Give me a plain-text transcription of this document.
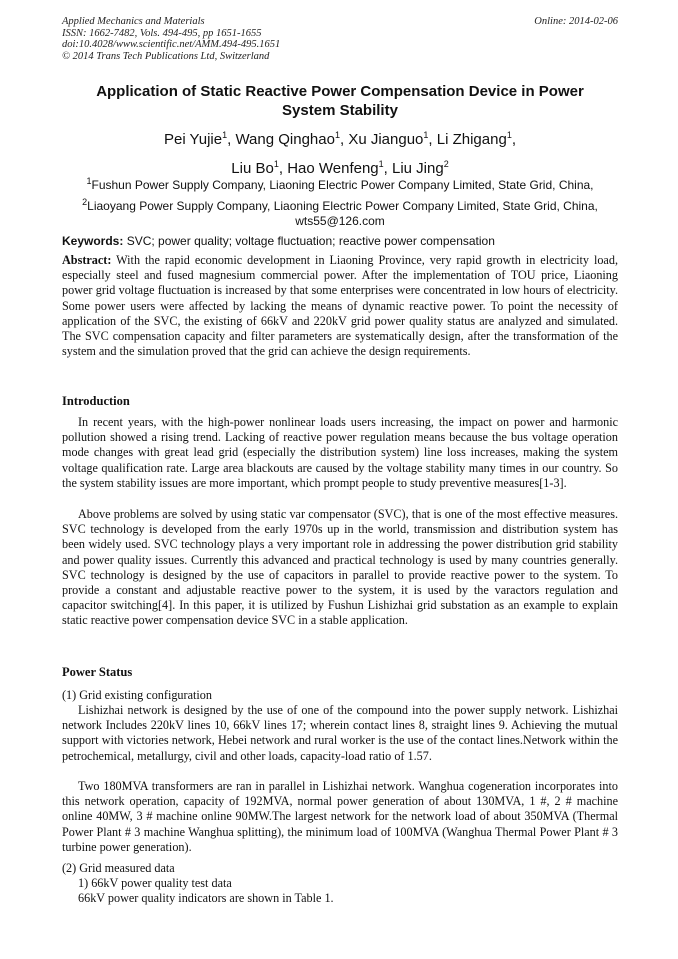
Applied Mechanics and Materials
ISSN: 1662-7482, Vols. 494-495, pp 1651-1655
doi:10.4028/www.scientific.net/AMM.494-495.1651
© 2014 Trans Tech Publications Ltd, Switzerland
Online: 2014-02-06
Application of Static Reactive Power Compensation Device in Power System Stability
Pei Yujie$^1$, Wang Qinghao$^1$, Xu Jianguo$^1$, Li Zhigang$^1$,
Liu Bo$^1$, Hao Wenfeng$^1$, Liu Jing$^2$
$^1$Fushun Power Supply Company, Liaoning Electric Power Company Limited, State Grid, China,
$^2$Liaoyang Power Supply Company, Liaoning Electric Power Company Limited, State Grid, China,
wts55@126.com
Keywords: SVC; power quality; voltage fluctuation; reactive power compensation
Abstract: With the rapid economic development in Liaoning Province, very rapid growth in electricity load, especially steel and fused magnesium commercial power. After the implementation of TOU price, Liaoning power grid voltage fluctuation is increased by that some enterprises were concentrated in low hours of electricity. Some power users were affected by lacking the means of dynamic reactive power. To point the necessity of application of the SVC, the existing of 66kV and 220kV grid power quality status are analyzed and simulated. The SVC compensation capacity and filter parameters are systematically design, after the transformation of the system and the simulation proved that the grid can achieve the design requirements.
Introduction
In recent years, with the high-power nonlinear loads users increasing, the impact on power and harmonic pollution showed a rising trend. Lacking of reactive power regulation means because the bus voltage operation mode changes with great lead grid (especially the distribution system) line loss increases, making the system voltage qualification rate. Large area blackouts are caused by the voltage stability many times in our country. So the system stability issues are more important, which prompt people to study preventive measures[1-3].
Above problems are solved by using static var compensator (SVC), that is one of the most effective measures. SVC technology is developed from the early 1970s up in the world, transmission and distribution system has been widely used. SVC technology plays a very important role in addressing the power distribution grid stability and power quality issues. Currently this advanced and practical technology is used by many countries generally. SVC technology is designed by the use of capacitors in parallel to provide reactive power to the system. To provide a constant and adjustable reactive power to the system, it is used by the varactors regulation and capacitor switching[4]. In this paper, it is utilized by Fushun Lishizhai grid substation as an example to explain static reactive power compensation device SVC in a stable application.
Power Status
(1) Grid existing configuration
Lishizhai network is designed by the use of one of the compound into the power supply network. Lishizhai network Includes 220kV lines 10, 66kV lines 17; wherein contact lines 8, straight lines 9. Achieving the mutual support with victories network, Hebei network and rural worker is the use of the contact lines.Network within the petrochemical, metallurgy, civil and other loads, capacity-load ratio of 1.57.
Two 180MVA transformers are ran in parallel in Lishizhai network. Wanghua cogeneration incorporates into this network operation, capacity of 192MVA, normal power generation of about 130MVA, 1 #, 2 # machine online 40MW, 3 # machine online 90MW.The largest network for the network load of about 350MVA (Thermal Power Plant # 3 machine Wanghua splitting), the minimum load of 100MVA (Wanghua Thermal Power Plant # 3 turbine power generation).
(2) Grid measured data
1) 66kV power quality test data
66kV power quality indicators are shown in Table 1.
